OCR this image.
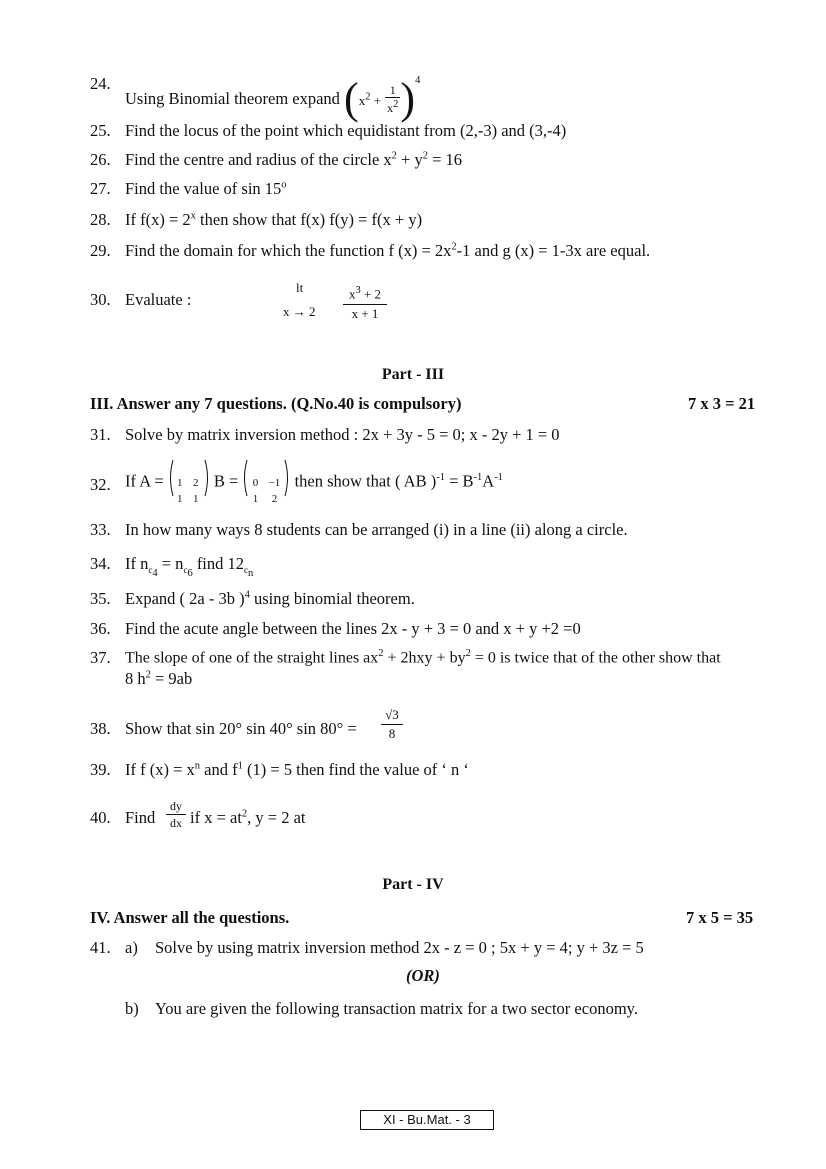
24.
Using Binomial theorem expand $(x^2 + \frac{1}{x^2} )^4$
25. Find the locus of the point which equidistant from (2,-3) and (3,-4)
26. Find the centre and radius of the circle $x^2 + y^2 = 16$
27. Find the value of sin 15$^o$
28. If $f(x) = 2^x$ then show that f(x) f(y) = f(x + y)
29. Find the domain for which the function f $(x) = 2x^2-1$ and g (x) = 1-3x are equal.
30. Evaluate :
lt
x → 2
$x^3 + 2$
x + 1
Part - III
III. Answer any 7 questions. (Q.No.40 is compulsory)	7 x 3 = 21
31. Solve by matrix inversion method : 2x + 3y - 5 = 0; x - 2y + 1 = 0
32. If A =	1 2
1 1
B =	0 −1
1	2
then show that ( AB )$^{-1} = B^{-1}A^{-1}$
33. In how many ways 8 students can be arranged (i) in a line (ii) along a circle.
34. If $n_{c_4} = n_{c_6}$ find $12_{c_n}$
35. Expand ( 2a - 3b )$^4$ using binomial theorem.
36. Find the acute angle between the lines 2x - y + 3 = 0 and x + y +2 =0
37. The slope of one of the straight lines $ax^2 + 2hxy + by^2 = 0$ is twice that of the other show that
8 $h^2 = 9ab$
38. Show that sin 20° sin 40° sin 80° =
√3
8
39. If f $(x) = x^n$ and $f^1$ (1) = 5 then find the value of ‘ n ‘
40. Find
dy
dx if $x = at^2$, y = 2 at
Part - IV
IV. Answer all the questions.	7 x 5 = 35
41. a) Solve by using matrix inversion method 2x - z = 0 ; 5x + y = 4; y + 3z = 5
(OR)
b) You are given the following transaction matrix for a two sector economy.
XI - Bu.Mat. - 3
